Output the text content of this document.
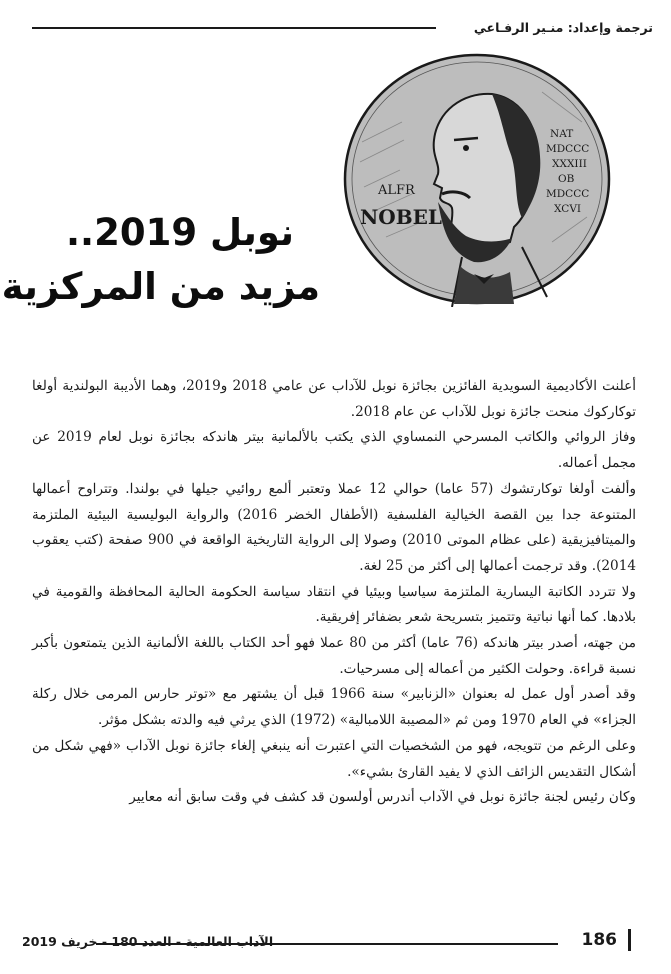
ترجمة وإعداد: منـير الرفـاعي
ALFR
NOBEL
NAT
MDCCC
XXXIII
OB
MDCCC
XCVI
نوبل 2019..
مزيد من المركزية

أعلنت الأكاديمية السويدية الفائزين بجائزة نوبل للآداب عن عامي 2018 و2019، وهما الأديبة البولندية أولغا توكاركوك منحت جائزة نوبل للآداب عن عام 2018.

وفاز الروائي والكاتب المسرحي النمساوي الذي يكتب بالألمانية بيتر هاندكه بجائزة نوبل لعام 2019 عن مجمل أعماله.

وألفت أولغا توكارتشوك (57 عاما) حوالي 12 عملا وتعتبر ألمع روائيي جيلها في بولندا. وتتراوح أعمالها المتنوعة جدا بين القصة الخيالية الفلسفية (الأطفال الخضر 2016) والرواية البوليسية البيئية الملتزمة والميتافيزيقية (على عظام الموتى 2010) وصولا إلى الرواية التاريخية الواقعة في 900 صفحة (كتب يعقوب 2014). وقد ترجمت أعمالها إلى أكثر من 25 لغة.

ولا تتردد الكاتبة اليسارية الملتزمة سياسيا وبيئيا في انتقاد سياسة الحكومة الحالية المحافظة والقومية في بلادها. كما أنها نباتية وتتميز بتسريحة شعر بضفائر إفريقية.

من جهته، أصدر بيتر هاندكه (76 عاما) أكثر من 80 عملا فهو أحد الكتاب باللغة الألمانية الذين يتمتعون بأكبر نسبة قراءة. وحولت الكثير من أعماله إلى مسرحيات.

وقد أصدر أول عمل له بعنوان «الزنابير» سنة 1966 قبل أن يشتهر مع «توتر حارس المرمى خلال ركلة الجزاء» في العام 1970 ومن ثم «المصيبة اللامبالية» (1972) الذي يرثي فيه والدته بشكل مؤثر.

وعلى الرغم من تتويجه، فهو من الشخصيات التي اعتبرت أنه ينبغي إلغاء جائزة نوبل الآداب «فهي شكل من أشكال التقديس الزائف الذي لا يفيد القارئ بشيء».

وكان رئيس لجنة جائزة نوبل في الآداب أندرس أولسون قد كشف في وقت سابق أنه معايير

الآداب العالمية - العدد 180 - خريف 2019	186
